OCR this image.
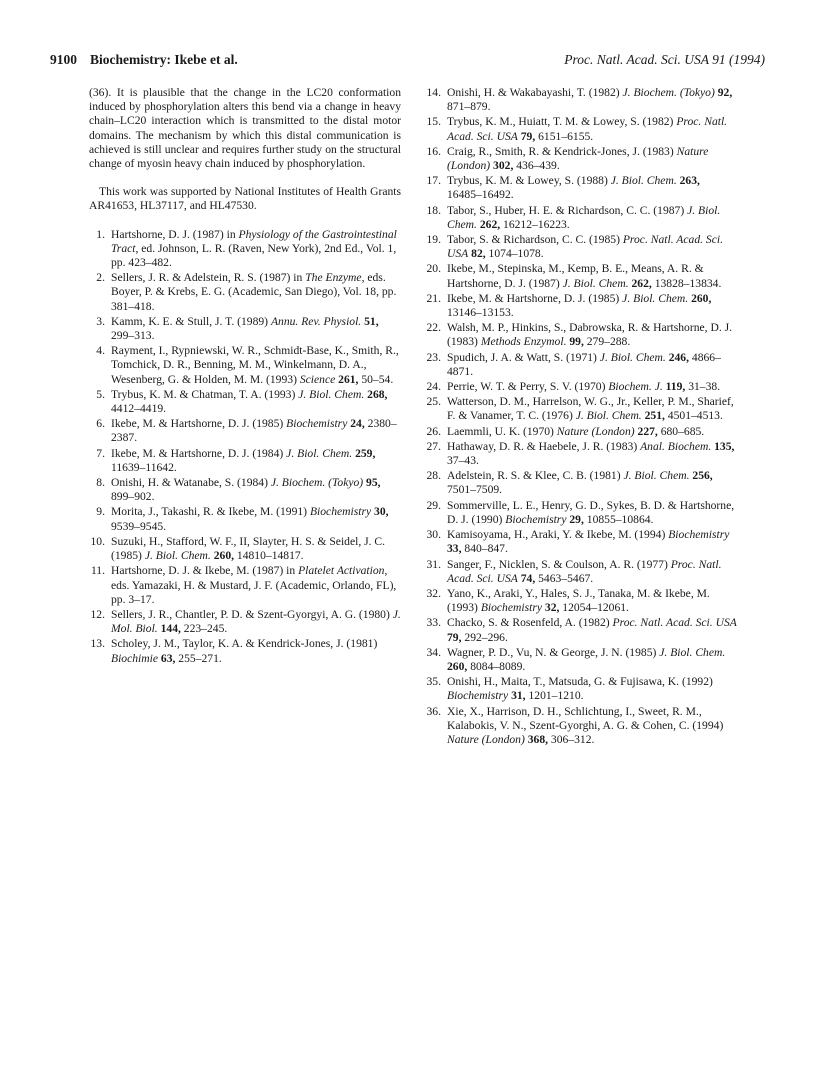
9100 Biochemistry: Ikebe et al.	Proc. Natl. Acad. Sci. USA 91 (1994)

(36). It is plausible that the change in the LC20 conformation induced by phosphorylation alters this bend via a change in heavy chain–LC20 interaction which is transmitted to the distal motor domains. The mechanism by which this distal communication is achieved is still unclear and requires further study on the structural change of myosin heavy chain induced by phosphorylation.

This work was supported by National Institutes of Health Grants AR41653, HL37117, and HL47530.

1. Hartshorne, D. J. (1987) in Physiology of the Gastrointestinal Tract, ed. Johnson, L. R. (Raven, New York), 2nd Ed., Vol. 1, pp. 423–482.
2. Sellers, J. R. & Adelstein, R. S. (1987) in The Enzyme, eds. Boyer, P. & Krebs, E. G. (Academic, San Diego), Vol. 18, pp. 381–418.
3. Kamm, K. E. & Stull, J. T. (1989) Annu. Rev. Physiol. 51, 299–313.
4. Rayment, I., Rypniewski, W. R., Schmidt-Base, K., Smith, R., Tomchick, D. R., Benning, M. M., Winkelmann, D. A., Wesenberg, G. & Holden, M. M. (1993) Science 261, 50–54.
5. Trybus, K. M. & Chatman, T. A. (1993) J. Biol. Chem. 268, 4412–4419.
6. Ikebe, M. & Hartshorne, D. J. (1985) Biochemistry 24, 2380–2387.
7. Ikebe, M. & Hartshorne, D. J. (1984) J. Biol. Chem. 259, 11639–11642.
8. Onishi, H. & Watanabe, S. (1984) J. Biochem. (Tokyo) 95, 899–902.
9. Morita, J., Takashi, R. & Ikebe, M. (1991) Biochemistry 30, 9539–9545.
10. Suzuki, H., Stafford, W. F., II, Slayter, H. S. & Seidel, J. C. (1985) J. Biol. Chem. 260, 14810–14817.
11. Hartshorne, D. J. & Ikebe, M. (1987) in Platelet Activation, eds. Yamazaki, H. & Mustard, J. F. (Academic, Orlando, FL), pp. 3–17.
12. Sellers, J. R., Chantler, P. D. & Szent-Gyorgyi, A. G. (1980) J. Mol. Biol. 144, 223–245.
13. Scholey, J. M., Taylor, K. A. & Kendrick-Jones, J. (1981) Biochimie 63, 255–271.
14. Onishi, H. & Wakabayashi, T. (1982) J. Biochem. (Tokyo) 92, 871–879.
15. Trybus, K. M., Huiatt, T. M. & Lowey, S. (1982) Proc. Natl. Acad. Sci. USA 79, 6151–6155.
16. Craig, R., Smith, R. & Kendrick-Jones, J. (1983) Nature (London) 302, 436–439.
17. Trybus, K. M. & Lowey, S. (1988) J. Biol. Chem. 263, 16485–16492.
18. Tabor, S., Huber, H. E. & Richardson, C. C. (1987) J. Biol. Chem. 262, 16212–16223.
19. Tabor, S. & Richardson, C. C. (1985) Proc. Natl. Acad. Sci. USA 82, 1074–1078.
20. Ikebe, M., Stepinska, M., Kemp, B. E., Means, A. R. & Hartshorne, D. J. (1987) J. Biol. Chem. 262, 13828–13834.
21. Ikebe, M. & Hartshorne, D. J. (1985) J. Biol. Chem. 260, 13146–13153.
22. Walsh, M. P., Hinkins, S., Dabrowska, R. & Hartshorne, D. J. (1983) Methods Enzymol. 99, 279–288.
23. Spudich, J. A. & Watt, S. (1971) J. Biol. Chem. 246, 4866–4871.
24. Perrie, W. T. & Perry, S. V. (1970) Biochem. J. 119, 31–38.
25. Watterson, D. M., Harrelson, W. G., Jr., Keller, P. M., Sharief, F. & Vanamer, T. C. (1976) J. Biol. Chem. 251, 4501–4513.
26. Laemmli, U. K. (1970) Nature (London) 227, 680–685.
27. Hathaway, D. R. & Haebele, J. R. (1983) Anal. Biochem. 135, 37–43.
28. Adelstein, R. S. & Klee, C. B. (1981) J. Biol. Chem. 256, 7501–7509.
29. Sommerville, L. E., Henry, G. D., Sykes, B. D. & Hartshorne, D. J. (1990) Biochemistry 29, 10855–10864.
30. Kamisoyama, H., Araki, Y. & Ikebe, M. (1994) Biochemistry 33, 840–847.
31. Sanger, F., Nicklen, S. & Coulson, A. R. (1977) Proc. Natl. Acad. Sci. USA 74, 5463–5467.
32. Yano, K., Araki, Y., Hales, S. J., Tanaka, M. & Ikebe, M. (1993) Biochemistry 32, 12054–12061.
33. Chacko, S. & Rosenfeld, A. (1982) Proc. Natl. Acad. Sci. USA 79, 292–296.
34. Wagner, P. D., Vu, N. & George, J. N. (1985) J. Biol. Chem. 260, 8084–8089.
35. Onishi, H., Maita, T., Matsuda, G. & Fujisawa, K. (1992) Biochemistry 31, 1201–1210.
36. Xie, X., Harrison, D. H., Schlichtung, I., Sweet, R. M., Kalabokis, V. N., Szent-Gyorghi, A. G. & Cohen, C. (1994) Nature (London) 368, 306–312.
